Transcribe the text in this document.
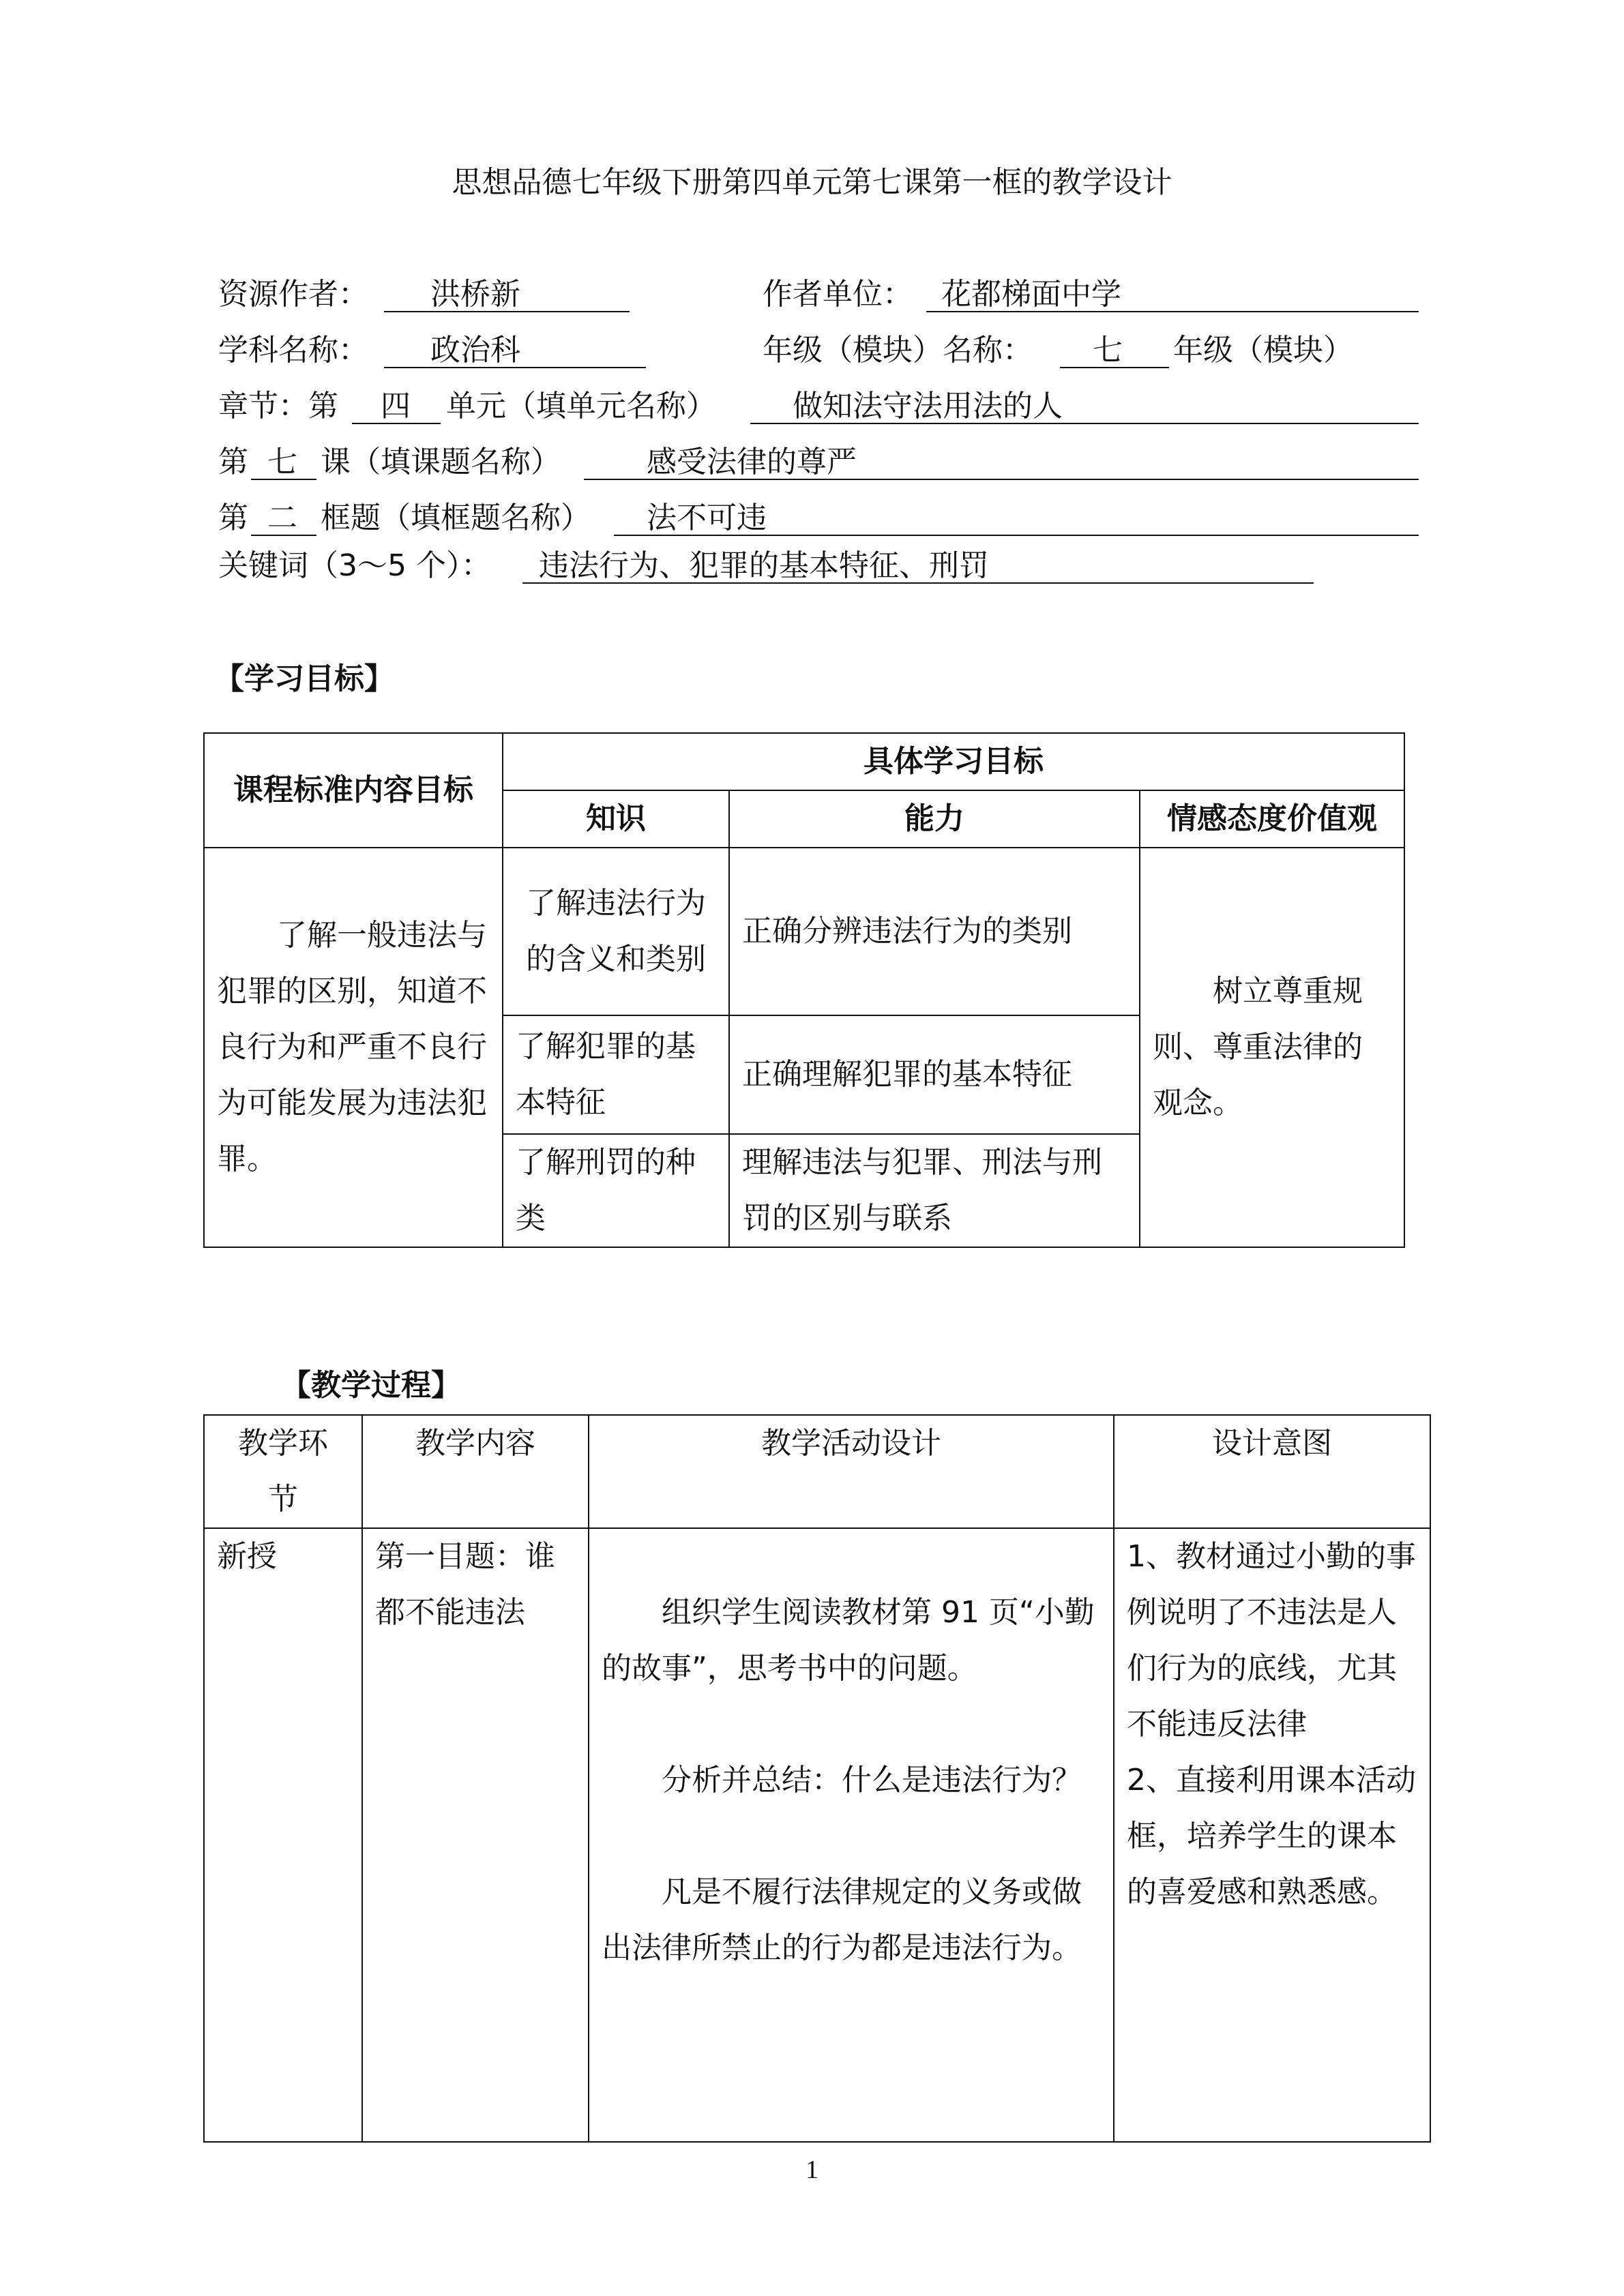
思想品德七年级下册第四单元第七课第一框的教学设计
资源作者：	洪桥新	作者单位： 花都梯面中学
学科名称：	政治科	年级（模块）名称：	七	年级（模块）
章节：第	四	单元（填单元名称）	做知法守法用法的人
第 七 课（填课题名称）	感受法律的尊严
第 二 框题（填框题名称）	法不可违
关键词（3～5 个）：	违法行为、犯罪的基本特征、刑罚
【学习目标】
课程标准内容目标	具体学习目标		
	知识	能力	情感态度价值观

了解一般违法与犯罪的区别，知道不良行为和严重不良行为可能发展为违法犯罪。	了解违法行为的含义和类别	正确分辨违法行为的类别	树立尊重规则、尊重法律的观念。

	了解犯罪的基本特征	正确理解犯罪的基本特征	
	了解刑罚的种类	理解违法与犯罪、刑法与刑罚的区别与联系	
【教学过程】
教学环节	教学内容	教学活动设计	设计意图
新授	第一目题：谁都不能违法	组织学生阅读教材第 91 页“小勤的故事”，思考书中的问题。
分析并总结：什么是违法行为？
凡是不履行法律规定的义务或做出法律所禁止的行为都是违法行为。	1、教材通过小勤的事例说明了不违法是人们行为的底线，尤其不能违反法律
2、直接利用课本活动框，培养学生的课本的喜爱感和熟悉感。
1
